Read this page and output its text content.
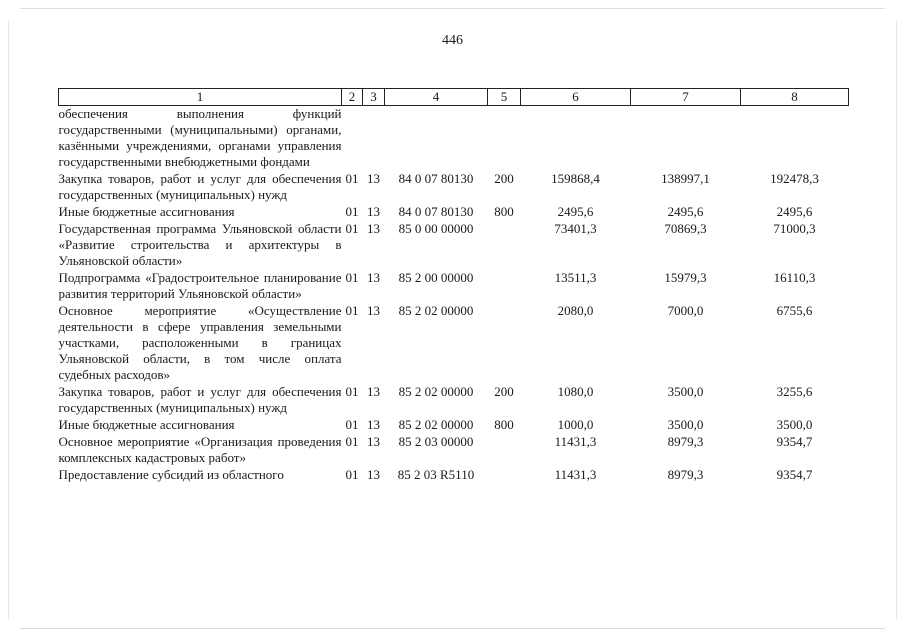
446
1	2	3	4	5	6	7	8
обеспечения выполнения функций государственными (муниципальными) органами, казёнными учреждениями, органами управления государственными внебюджетными фондами							
Закупка товаров, работ и услуг для обеспечения государственных (муниципальных) нужд	01	13	84 0 07 80130	200	159868,4	138997,1	192478,3
Иные бюджетные ассигнования	01	13	84 0 07 80130	800	2495,6	2495,6	2495,6
Государственная программа Ульяновской области «Развитие строительства и архитектуры в Ульяновской области»	01	13	85 0 00 00000		73401,3	70869,3	71000,3
Подпрограмма «Градостроительное планирование развития территорий Ульяновской области»	01	13	85 2 00 00000		13511,3	15979,3	16110,3
Основное мероприятие «Осуществление деятельности в сфере управления земельными участками, расположенными в границах Ульяновской области, в том числе оплата судебных расходов»	01	13	85 2 02 00000		2080,0	7000,0	6755,6
Закупка товаров, работ и услуг для обеспечения государственных (муниципальных) нужд	01	13	85 2 02 00000	200	1080,0	3500,0	3255,6
Иные бюджетные ассигнования	01	13	85 2 02 00000	800	1000,0	3500,0	3500,0
Основное мероприятие «Организация проведения комплексных кадастровых работ»	01	13	85 2 03 00000		11431,3	8979,3	9354,7
Предоставление субсидий из областного	01	13	85 2 03 R5110		11431,3	8979,3	9354,7
